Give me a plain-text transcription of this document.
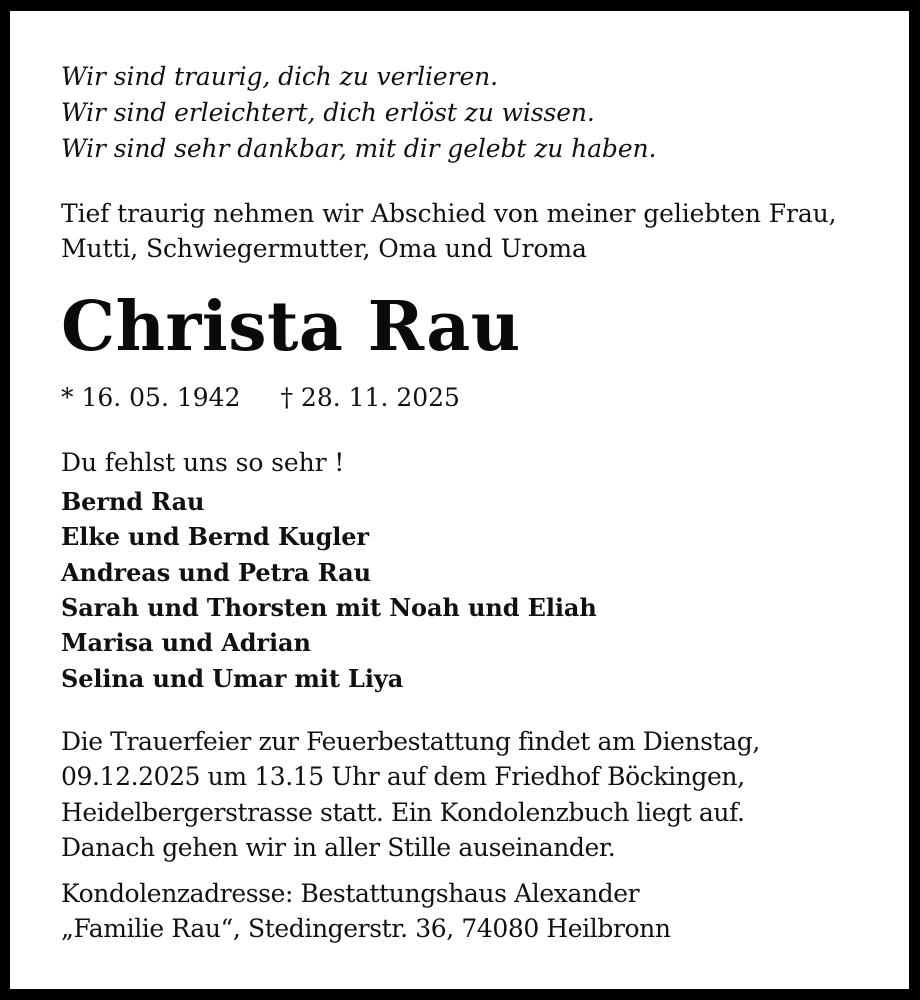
Wir sind traurig, dich zu verlieren.
Wir sind erleichtert, dich erlöst zu wissen.
Wir sind sehr dankbar, mit dir gelebt zu haben.
Tief traurig nehmen wir Abschied von meiner geliebten Frau,
Mutti, Schwiegermutter, Oma und Uroma
Christa Rau
* 16. 05. 1942 † 28. 11. 2025
Du fehlst uns so sehr !
Bernd Rau
Elke und Bernd Kugler
Andreas und Petra Rau
Sarah und Thorsten mit Noah und Eliah
Marisa und Adrian
Selina und Umar mit Liya
Die Trauerfeier zur Feuerbestattung findet am Dienstag,
09.12.2025 um 13.15 Uhr auf dem Friedhof Böckingen,
Heidelbergerstrasse statt. Ein Kondolenzbuch liegt auf.
Danach gehen wir in aller Stille auseinander.
Kondolenzadresse: Bestattungshaus Alexander
„Familie Rau“, Stedingerstr. 36, 74080 Heilbronn
